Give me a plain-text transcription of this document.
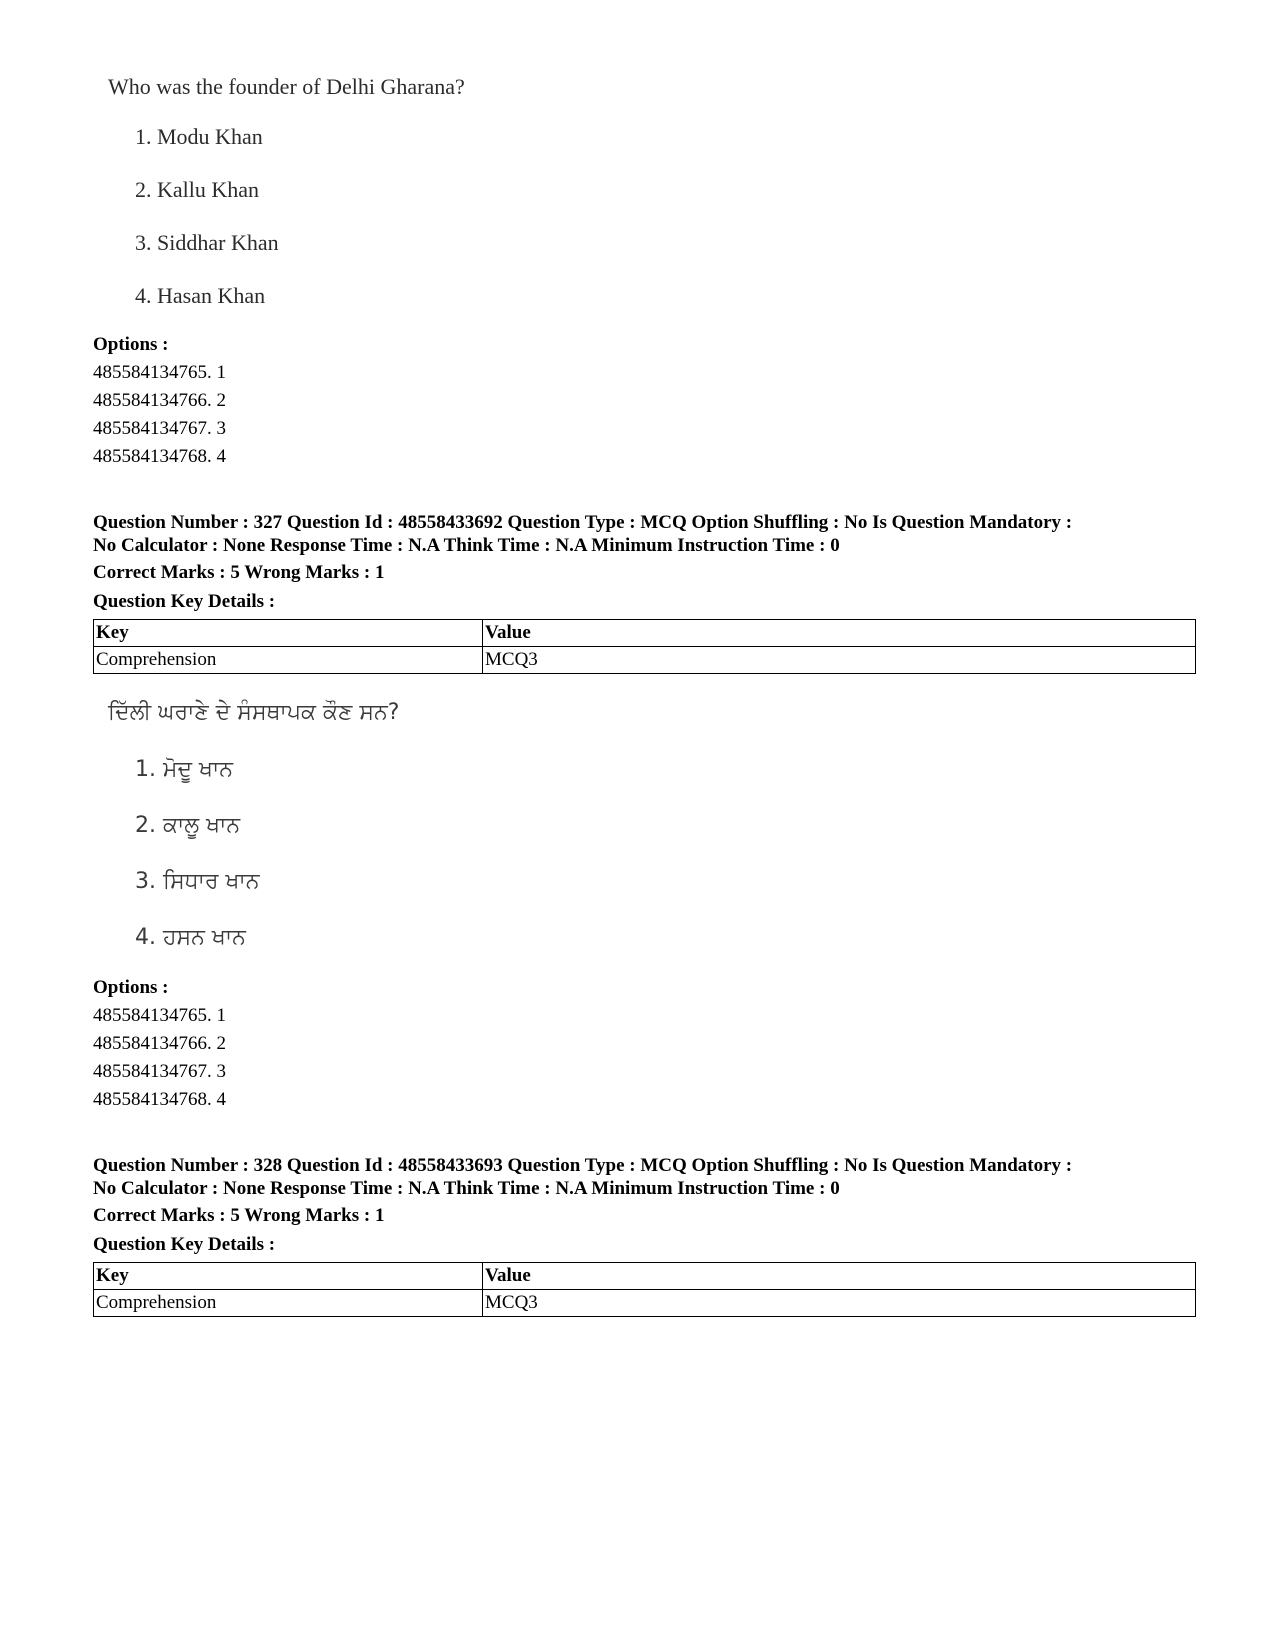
Who was the founder of Delhi Gharana?

1. Modu Khan
2. Kallu Khan
3. Siddhar Khan
4. Hasan Khan
Options :
485584134765. 1
485584134766. 2
485584134767. 3
485584134768. 4
Question Number : 327 Question Id : 48558433692 Question Type : MCQ Option Shuffling : No Is Question Mandatory :
No Calculator : None Response Time : N.A Think Time : N.A Minimum Instruction Time : 0
Correct Marks : 5 Wrong Marks : 1
Question Key Details :
Key	Value
Comprehension	MCQ3

ਦਿੱਲੀ ਘਰਾਣੇ ਦੇ ਸੰਸਥਾਪਕ ਕੌਣ ਸਨ?

1. ਮੋਦੂ ਖਾਨ
2. ਕਾਲੂ ਖਾਨ
3. ਸਿਧਾਰ ਖਾਨ
4. ਹਸਨ ਖਾਨ
Options :
485584134765. 1
485584134766. 2
485584134767. 3
485584134768. 4
Question Number : 328 Question Id : 48558433693 Question Type : MCQ Option Shuffling : No Is Question Mandatory :
No Calculator : None Response Time : N.A Think Time : N.A Minimum Instruction Time : 0
Correct Marks : 5 Wrong Marks : 1
Question Key Details :
Key	Value
Comprehension	MCQ3
